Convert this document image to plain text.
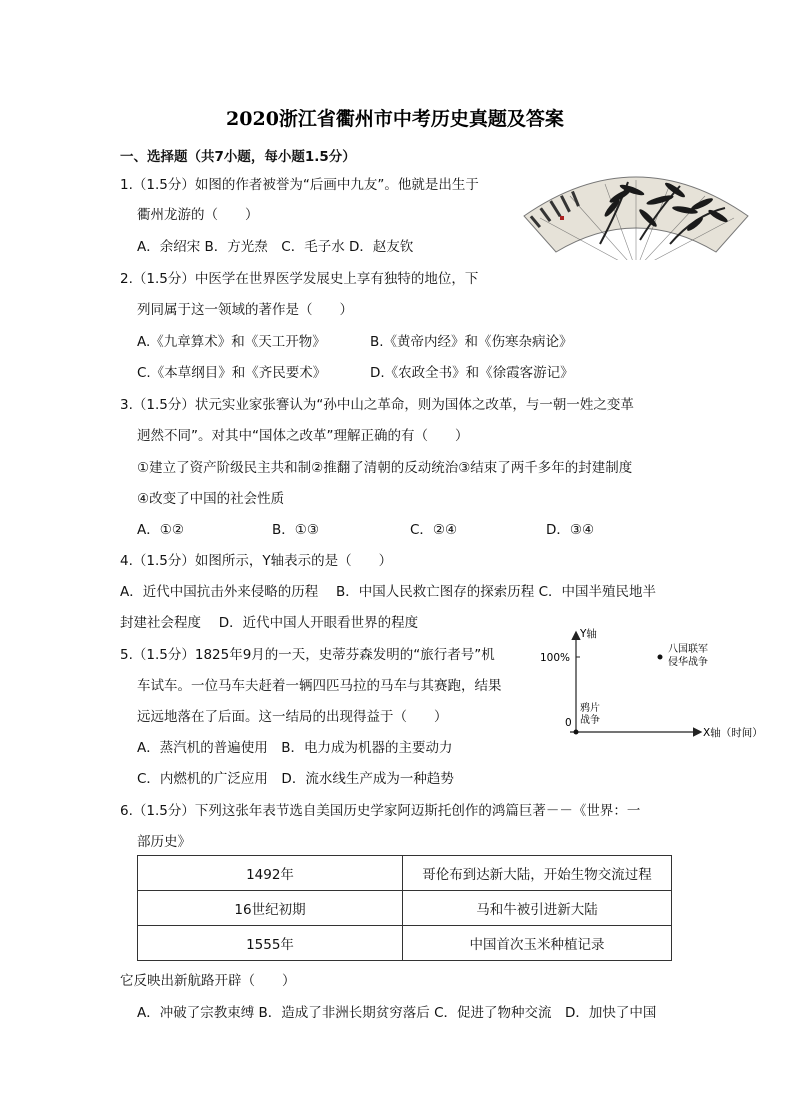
2020浙江省衢州市中考历史真题及答案
一、选择题（共7小题，每小题1.5分）
1.（1.5分）如图的作者被誉为“后画中九友”。他就是出生于
衢州龙游的（　　）
A．余绍宋 B．方光焘　C．毛子水 D．赵友钦
2.（1.5分）中医学在世界医学发展史上享有独特的地位，下
列同属于这一领域的著作是（　　）
A.《九章算术》和《天工开物》	B.《黄帝内经》和《伤寒杂病论》
C.《本草纲目》和《齐民要术》	D.《农政全书》和《徐霞客游记》
3.（1.5分）状元实业家张謇认为“孙中山之革命，则为国体之改革，与一朝一姓之变革
迥然不同”。对其中“国体之改革”理解正确的有（　　）
①建立了资产阶级民主共和制②推翻了清朝的反动统治③结束了两千多年的封建制度
④改变了中国的社会性质
A．①②	B．①③	C．②④	D．③④
4.（1.5分）如图所示，Y轴表示的是（　　）
A．近代中国抗击外来侵略的历程　 B．中国人民救亡图存的探索历程 C．中国半殖民地半
封建社会程度　 D．近代中国人开眼看世界的程度
Y轴
100%
0
X轴（时间）
八国联军
侵华战争
鸦片
战争
5.（1.5分）1825年9月的一天，史蒂芬森发明的“旅行者号”机
车试车。一位马车夫赶着一辆四匹马拉的马车与其赛跑，结果
远远地落在了后面。这一结局的出现得益于（　　）
A．蒸汽机的普遍使用　B．电力成为机器的主要动力
C．内燃机的广泛应用　D．流水线生产成为一种趋势
6.（1.5分）下列这张年表节选自美国历史学家阿迈斯托创作的鸿篇巨著－－《世界：一
部历史》
1492年	哥伦布到达新大陆，开始生物交流过程
16世纪初期	马和牛被引进新大陆
1555年	中国首次玉米种植记录
它反映出新航路开辟（　　）
A．冲破了宗教束缚 B．造成了非洲长期贫穷落后 C．促进了物种交流　D．加快了中国
